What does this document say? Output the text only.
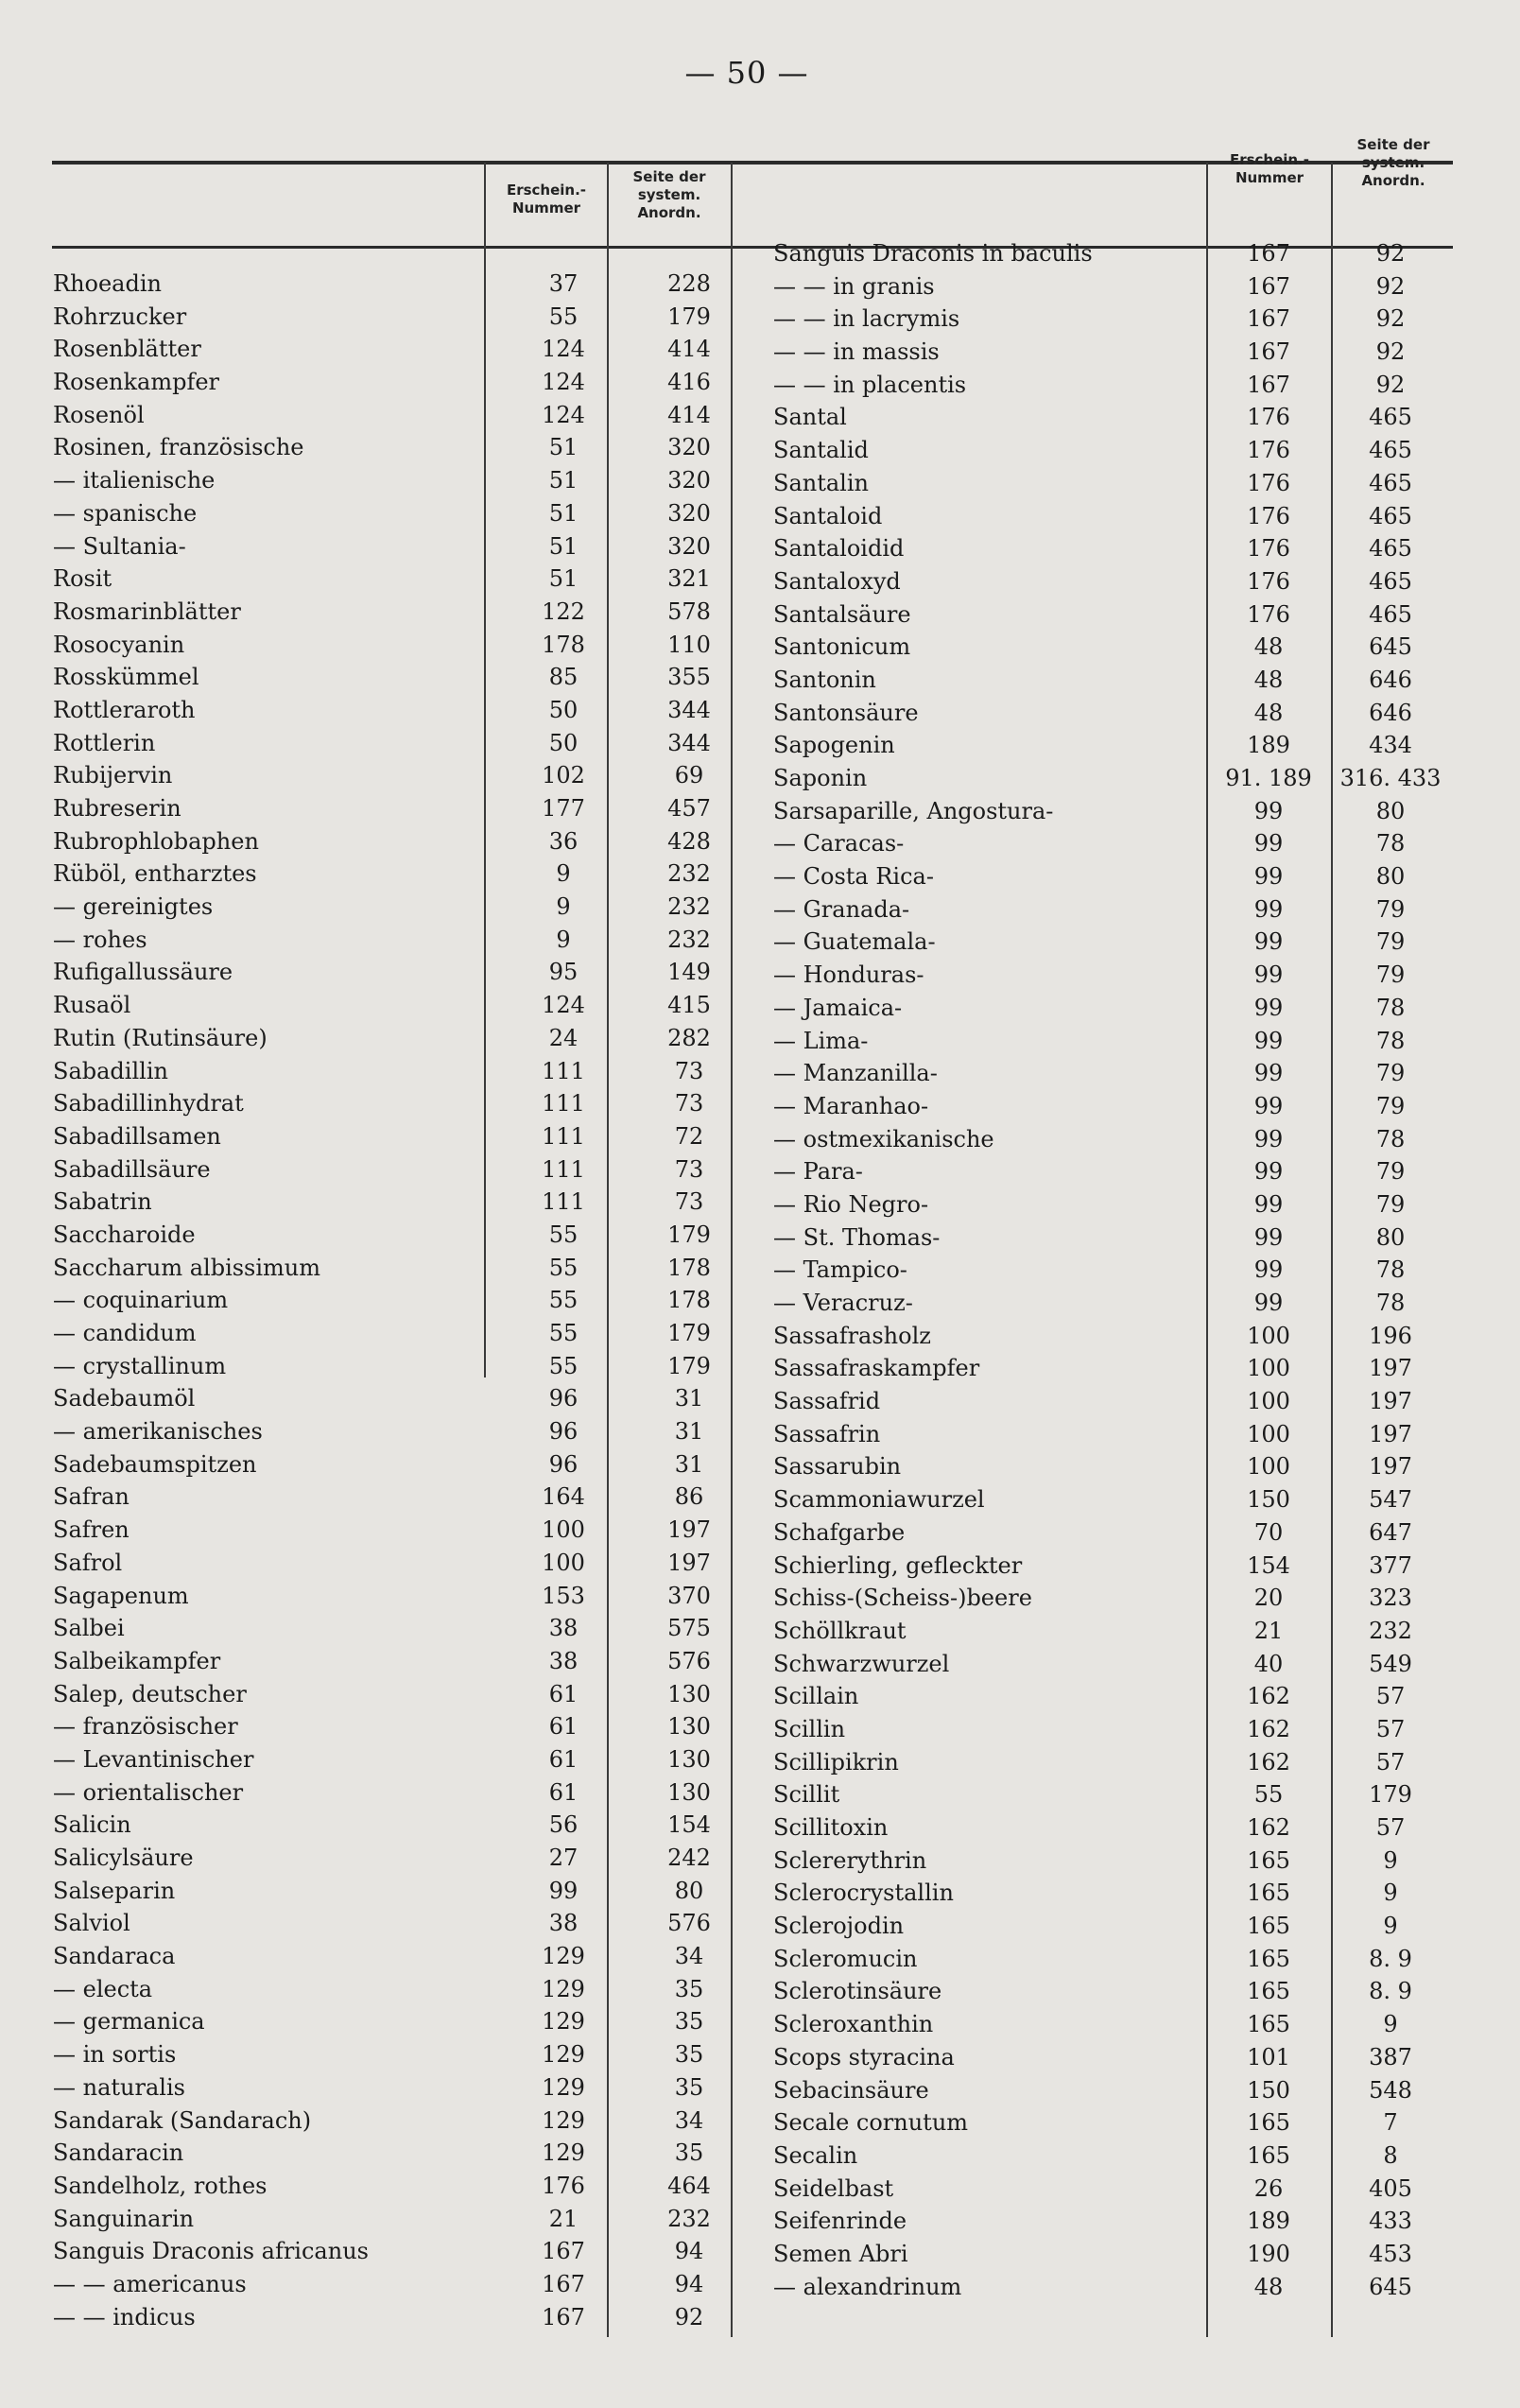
— 50 —
Erschein.-
Nummer
Seite der
system.
Anordn.
Erschein.-
Nummer
Seite der
system.
Anordn.
Rhoeadin	37	228
Rohrzucker	55	179
Rosenblätter	124	414
Rosenkampfer	124	416
Rosenöl	124	414
Rosinen, französische	51	320
— italienische	51	320
— spanische	51	320
— Sultania-	51	320
Rosit	51	321
Rosmarinblätter	122	578
Rosocyanin	178	110
Rosskümmel	85	355
Rottleraroth	50	344
Rottlerin	50	344
Rubijervin	102	69
Rubreserin	177	457
Rubrophlobaphen	36	428
Rüböl, entharztes	9	232
— gereinigtes	9	232
— rohes	9	232
Rufigallussäure	95	149
Rusaöl	124	415
Rutin (Rutinsäure)	24	282
Sabadillin	111	73
Sabadillinhydrat	111	73
Sabadillsamen	111	72
Sabadillsäure	111	73
Sabatrin	111	73
Saccharoide	55	179
Saccharum albissimum	55	178
— coquinarium	55	178
— candidum	55	179
— crystallinum	55	179
Sadebaumöl	96	31
— amerikanisches	96	31
Sadebaumspitzen	96	31
Safran	164	86
Safren	100	197
Safrol	100	197
Sagapenum	153	370
Salbei	38	575
Salbeikampfer	38	576
Salep, deutscher	61	130
— französischer	61	130
— Levantinischer	61	130
— orientalischer	61	130
Salicin	56	154
Salicylsäure	27	242
Salseparin	99	80
Salviol	38	576
Sandaraca	129	34
— electa	129	35
— germanica	129	35
— in sortis	129	35
— naturalis	129	35
Sandarak (Sandarach)	129	34
Sandaracin	129	35
Sandelholz, rothes	176	464
Sanguinarin	21	232
Sanguis Draconis africanus	167	94
— — americanus	167	94
— — indicus	167	92
Sanguis Draconis in baculis	167	92
— — in granis	167	92
— — in lacrymis	167	92
— — in massis	167	92
— — in placentis	167	92
Santal	176	465
Santalid	176	465
Santalin	176	465
Santaloid	176	465
Santaloidid	176	465
Santaloxyd	176	465
Santalsäure	176	465
Santonicum	48	645
Santonin	48	646
Santonsäure	48	646
Sapogenin	189	434
Saponin	91. 189	316. 433
Sarsaparille, Angostura-	99	80
— Caracas-	99	78
— Costa Rica-	99	80
— Granada-	99	79
— Guatemala-	99	79
— Honduras-	99	79
— Jamaica-	99	78
— Lima-	99	78
— Manzanilla-	99	79
— Maranhao-	99	79
— ostmexikanische	99	78
— Para-	99	79
— Rio Negro-	99	79
— St. Thomas-	99	80
— Tampico-	99	78
— Veracruz-	99	78
Sassafrasholz	100	196
Sassafraskampfer	100	197
Sassafrid	100	197
Sassafrin	100	197
Sassarubin	100	197
Scammoniawurzel	150	547
Schafgarbe	70	647
Schierling, gefleckter	154	377
Schiss-(Scheiss-)beere	20	323
Schöllkraut	21	232
Schwarzwurzel	40	549
Scillain	162	57
Scillin	162	57
Scillipikrin	162	57
Scillit	55	179
Scillitoxin	162	57
Sclererythrin	165	9
Sclerocrystallin	165	9
Sclerojodin	165	9
Scleromucin	165	8. 9
Sclerotinsäure	165	8. 9
Scleroxanthin	165	9
Scops styracina	101	387
Sebacinsäure	150	548
Secale cornutum	165	7
Secalin	165	8
Seidelbast	26	405
Seifenrinde	189	433
Semen Abri	190	453
— alexandrinum	48	645
